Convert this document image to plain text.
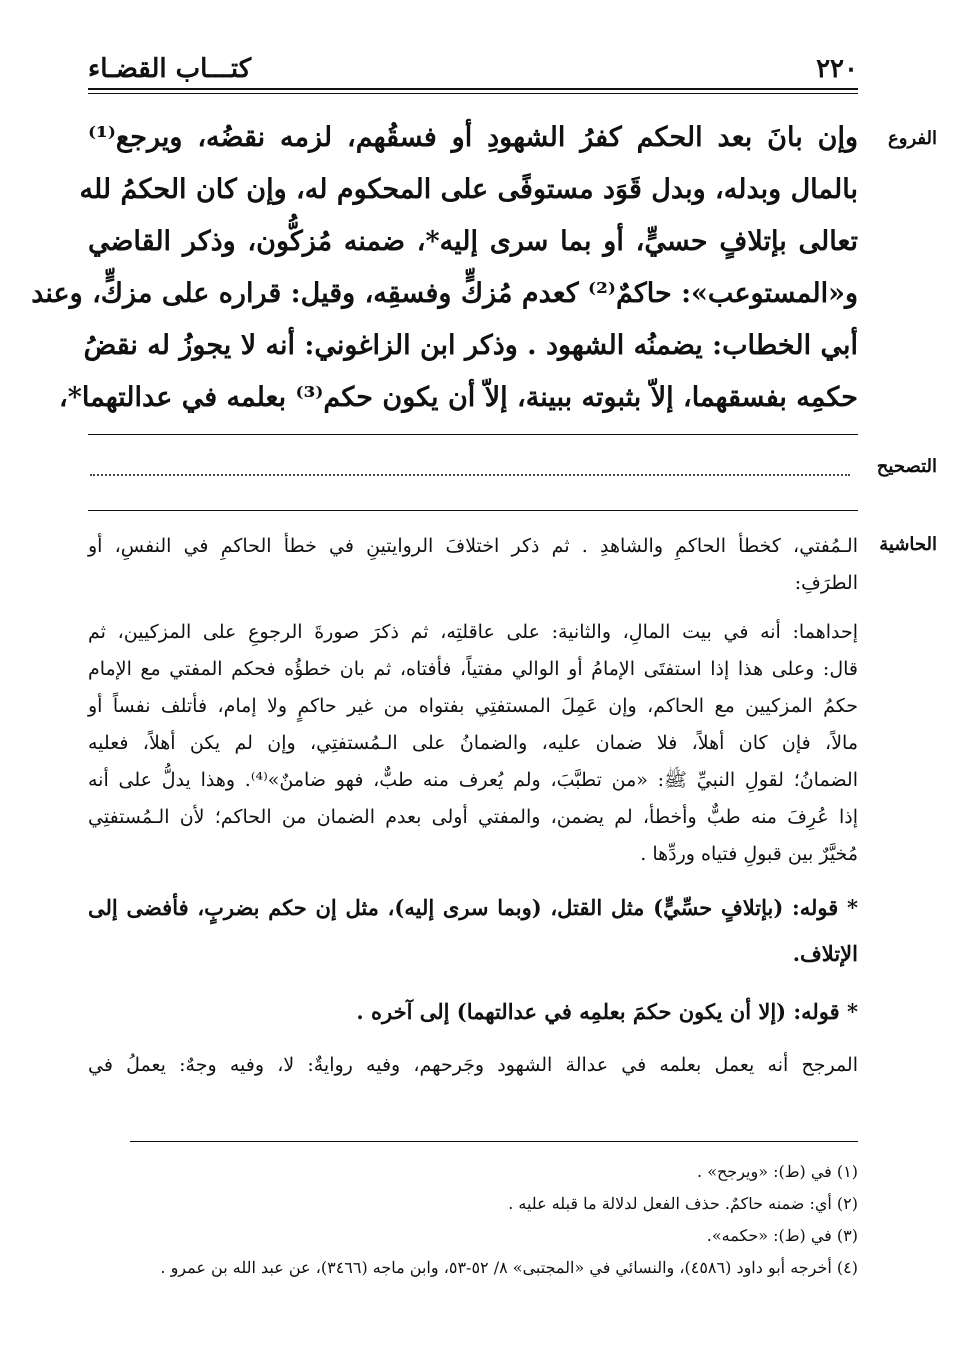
٢٢٠
كتـــاب القضـاء
الفروع
وإن بانَ بعد الحكم كفرُ الشهودِ أو فسقُهم، لزمه نقضُه، ويرجع⁽¹⁾
بالمال وبدله، وبدل قَوَد مستوفًى على المحكوم له، وإن كان الحكمُ لله
تعالى بإتلافٍ حسيٍّ، أو بما سرى إليه*، ضمنه مُزكُّون، وذكر القاضي
و«المستوعب»: حاكمٌ⁽²⁾ كعدم مُزكٍّ وفسقِه، وقيل: قراره على مزكٍّ، وعند
أبي الخطاب: يضمنُه الشهود . وذكر ابن الزاغوني: أنه لا يجوزُ له نقضُ
حكمِه بفسقهما، إلاّ بثبوته ببينة، إلاّ أن يكون حكم⁽³⁾ بعلمه في عدالتهما*،
التصحيح
الحاشية
الـمُفتي، كخطأ الحاكمِ والشاهدِ . ثم ذكر اختلافَ الروايتينِ في خطأ الحاكمِ في النفسِ، أو
الطرَفِ:
إحداهما: أنه في بيت المالِ، والثانية: على عاقلتِه، ثم ذكرَ صورةَ الرجوعِ على المزكيين، ثم
قال: وعلى هذا إذا استفتَى الإمامُ أو الوالي مفتياً، فأفتاه، ثم بان خطؤُه فحكم المفتي مع الإمام
حكمُ المزكيين مع الحاكم، وإن عَمِلَ المستفتِي بفتواه من غير حاكمٍ ولا إمام، فأتلف نفساً أو
مالاً، فإن كان أهلاً، فلا ضمان عليه، والضمانُ على الـمُستفتِي، وإن لم يكن أهلاً، فعليه
الضمانُ؛ لقولِ النبيِّ ﷺ: «من تطبَّبَ، ولم يُعرف منه طبٌّ، فهو ضامنٌ»⁽⁴⁾. وهذا يدلُّ على أنه
إذا عُرِفَ منه طبٌّ وأخطأ، لم يضمن، والمفتي أولى بعدم الضمان من الحاكم؛ لأن الـمُستفتِي
مُخيَّرٌ بين قبولِ فتياه وردِّها .
* قوله: (بإتلافٍ حسِّيٍّ) مثل القتل، (وبما سرى إليه)، مثل إن حكم بضربٍ، فأفضى إلى
الإتلاف.
* قوله: (إلا أن يكون حكمَ بعلمِه في عدالتهما) إلى آخره .
المرجح أنه يعمل بعلمه في عدالة الشهود وجَرحهم، وفيه روايةٌ: لا، وفيه وجهٌ: يعملُ في
(١) في (ط): «ويرجح» .
(٢) أي: ضمنه حاكمٌ. حذف الفعل لدلالة ما قبله عليه .
(٣) في (ط): «حكمه».
(٤) أخرجه أبو داود (٤٥٨٦)، والنسائي في «المجتبى» ٨/ ٥٢-٥٣، وابن ماجه (٣٤٦٦)، عن عبد الله بن عمرو .
